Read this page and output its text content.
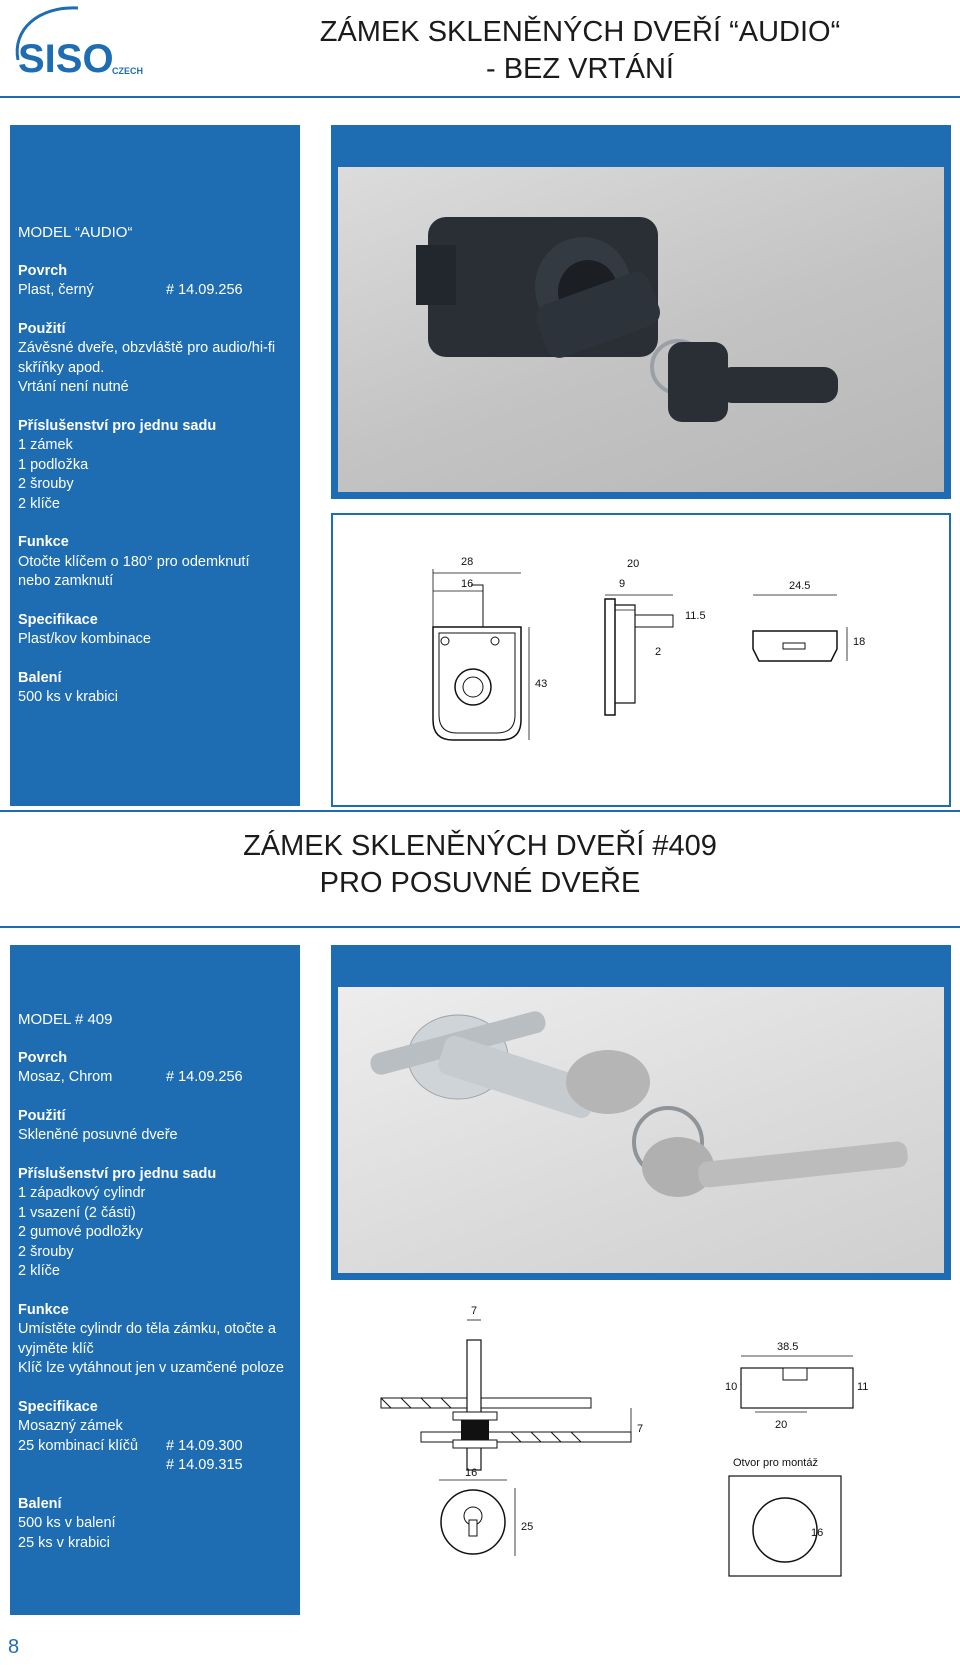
SISO
CZECH
ZÁMEK SKLENĚNÝCH DVEŘÍ “AUDIO“
- BEZ VRTÁNÍ
MODEL “AUDIO“
Povrch
Plast, černý	# 14.09.256
Použití
Závěsné dveře, obzvláště pro audio/hi-fi
skříňky apod.
Vrtání není nutné
Příslušenství pro jednu sadu
1 zámek
1 podložka
2 šrouby
2 klíče
Funkce
Otočte klíčem o 180° pro odemknutí
nebo zamknutí
Specifikace
Plast/kov kombinace
Balení
500 ks v krabici
28
16
43
20
9
11.5
2
24.5
18
ZÁMEK SKLENĚNÝCH DVEŘÍ #409
PRO POSUVNÉ DVEŘE
MODEL # 409
Povrch
Mosaz, Chrom	# 14.09.256
Použití
Skleněné posuvné dveře
Příslušenství pro jednu sadu
1 západkový cylindr
1 vsazení (2 části)
2 gumové podložky
2 šrouby
2 klíče
Funkce
Umístěte cylindr do těla zámku, otočte a
vyjměte klíč
Klíč lze vytáhnout jen v uzamčené poloze
Specifikace
Mosazný zámek
25 kombinací klíčů # 14.09.300
# 14.09.315
Balení
500 ks v balení
25 ks v krabici
7
7
16
25
38.5
10	11
20
Otvor pro montáž
16
8
